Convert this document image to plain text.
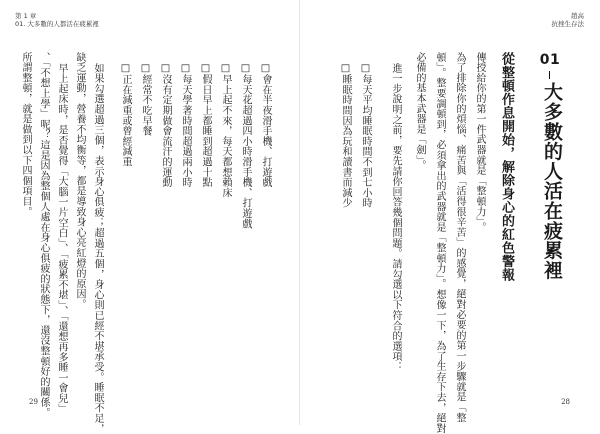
第 1 章
01. 大多數的人都活在疲累裡
趙高
抗挫生存法
01
大多數的人活在疲累裡
從整頓作息開始，解除身心的紅色警報
傳授給你的第一件武器就是「整頓力」。
為了排除你的煩惱、痛苦與「活得很辛苦」的感覺，絕對必要的第一步驟就是「整
頓」。整要調頓到，必須拿出的武器就是「整頓力」。想像一下，為了生存下去，絕對
必備的基本武器是「劍」。
進一步說明之前，要先請你回答幾個問題。請勾選以下符合的選項：
□每天平均睡眠時間不到七小時
□睡眠時間因為玩和讀書而減少
□會在半夜滑手機、打遊戲
□每天花超過四小時滑手機、打遊戲
□早上起不來，每天都想賴床
□假日早上都睡到超過十點
□每天學著時間超過兩小時
□沒有定期做會流汗的運動
□經常不吃早餐
□正在減重或曾經減重
如果勾選超過三個，表示身心俱疲；超過五個，身心則已經不堪承受。睡眠不足，
缺乏運動，營養不均衡等，都是導致身心亮紅燈的原因。
早上起床時，是否覺得「大腦一片空白」、「疲累不堪」、「還想再多睡一會兒」
、「不想上學」呢？這是因為整個人處在身心俱疲的狀態下，還沒整頓好的關係。
所謂整頓，就是做到以下四個項目。
29	28
